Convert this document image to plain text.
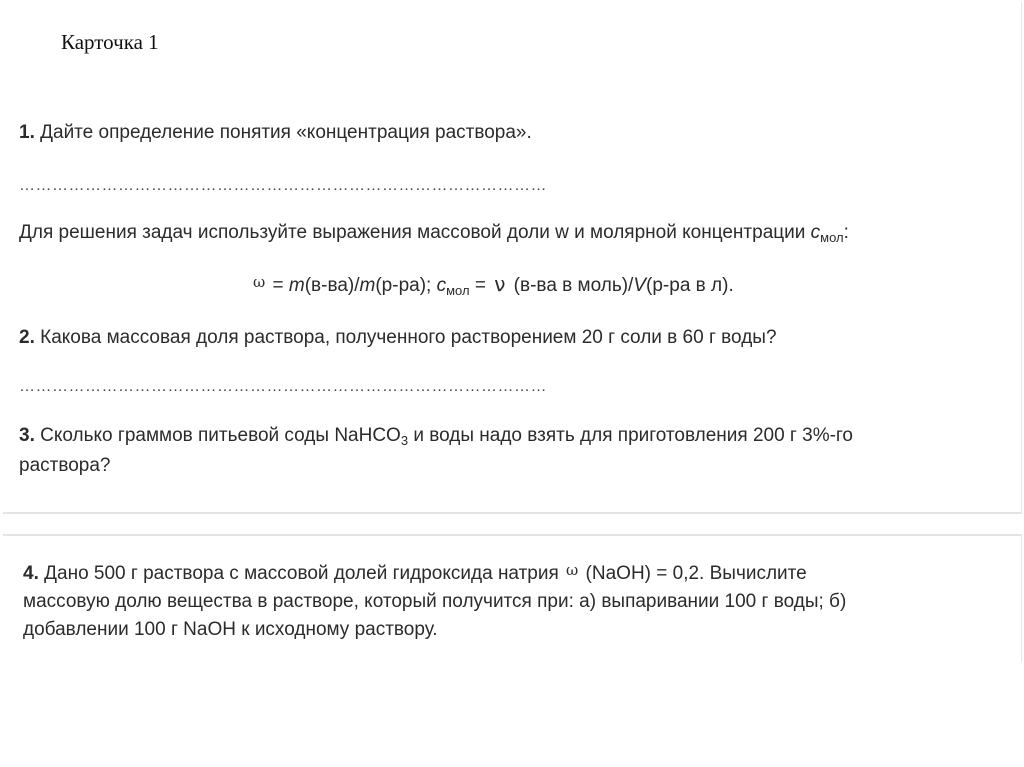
1. Дайте определение понятия «концентрация раствора».
……………………………………………………………………………………
Для решения задач используйте выражения массовой доли w и молярной концентрации $c_{мол}$:
$^\omega$ = m(в-ва)/m(р-ра); $c_{мол} = \nu$ (в-ва в моль)/V(р-ра в л).
2. Какова массовая доля раствора, полученного растворением 20 г соли в 60 г воды?
……………………………………………………………………………………
3. Сколько граммов питьевой соды NaHCO$_3$ и воды надо взять для приготовления 200 г 3%-го
раствора?
4. Дано 500 г раствора с массовой долей гидроксида натрия $^\omega$ (NaOH) = 0,2. Вычислите
массовую долю вещества в растворе, который получится при: а) выпаривании 100 г воды; б)
добавлении 100 г NaOH к исходному раствору.
Карточка 1
